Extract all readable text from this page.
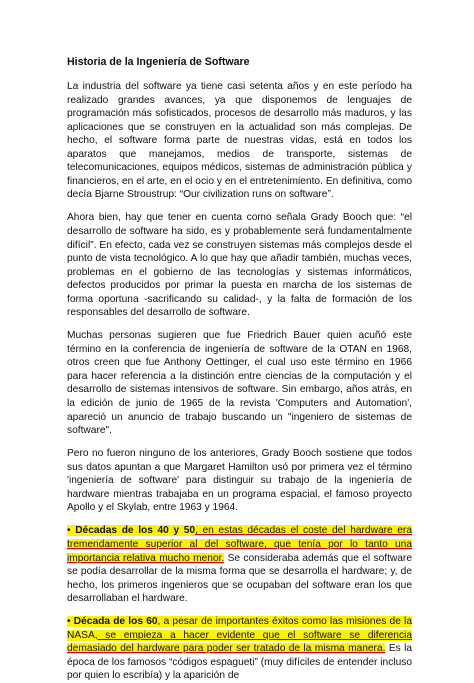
Historia de la Ingeniería de Software

La industria del software ya tiene casi setenta años y en este período ha realizado grandes avances, ya que disponemos de lenguajes de programación más sofisticados, procesos de desarrollo más maduros, y las aplicaciones que se construyen en la actualidad son más complejas. De hecho, el software forma parte de nuestras vidas, está en todos los aparatos que manejamos, medios de transporte, sistemas de telecomunicaciones, equipos médicos, sistemas de administración pública y financieros, en el arte, en el ocio y en el entretenimiento. En definitiva, como decía Bjarne Stroustrup: “Our civilization runs on software”.

Ahora bien, hay que tener en cuenta como señala Grady Booch que: “el desarrollo de software ha sido, es y probablemente será fundamentalmente difícil”. En efecto, cada vez se construyen sistemas más complejos desde el punto de vista tecnológico. A lo que hay que añadir también, muchas veces, problemas en el gobierno de las tecnologías y sistemas informáticos, defectos producidos por primar la puesta en marcha de los sistemas de forma oportuna -sacrificando su calidad-, y la falta de formación de los responsables del desarrollo de software.

Muchas personas sugieren que fue Friedrich Bauer quien acuñó este término en la conferencia de ingeniería de software de la OTAN en 1968, otros creen que fue Anthony Oettinger, el cual uso este término en 1966 para hacer referencia a la distinción entre ciencias de la computación y el desarrollo de sistemas intensivos de software. Sin embargo, años atrás, en la edición de junio de 1965 de la revista 'Computers and Automation', apareció un anuncio de trabajo buscando un "ingeniero de sistemas de software".

Pero no fueron ninguno de los anteriores, Grady Booch sostiene que todos sus datos apuntan a que Margaret Hamilton usó por primera vez el término 'ingeniería de software' para distinguir su trabajo de la ingeniería de hardware mientras trabajaba en un programa espacial, el famoso proyecto Apollo y el Skylab, entre 1963 y 1964.

• Décadas de los 40 y 50, en estas décadas el coste del hardware era tremendamente superior al del software, que tenía por lo tanto una importancia relativa mucho menor. Se consideraba además que el software se podía desarrollar de la misma forma que se desarrolla el hardware; y, de hecho, los primeros ingenieros que se ocupaban del software eran los que desarrollaban el hardware.

• Década de los 60, a pesar de importantes éxitos como las misiones de la NASA, se empieza a hacer evidente que el software se diferencia demasiado del hardware para poder ser tratado de la misma manera. Es la época de los famosos “códigos espagueti” (muy difíciles de entender incluso por quien lo escribía) y la aparición de
